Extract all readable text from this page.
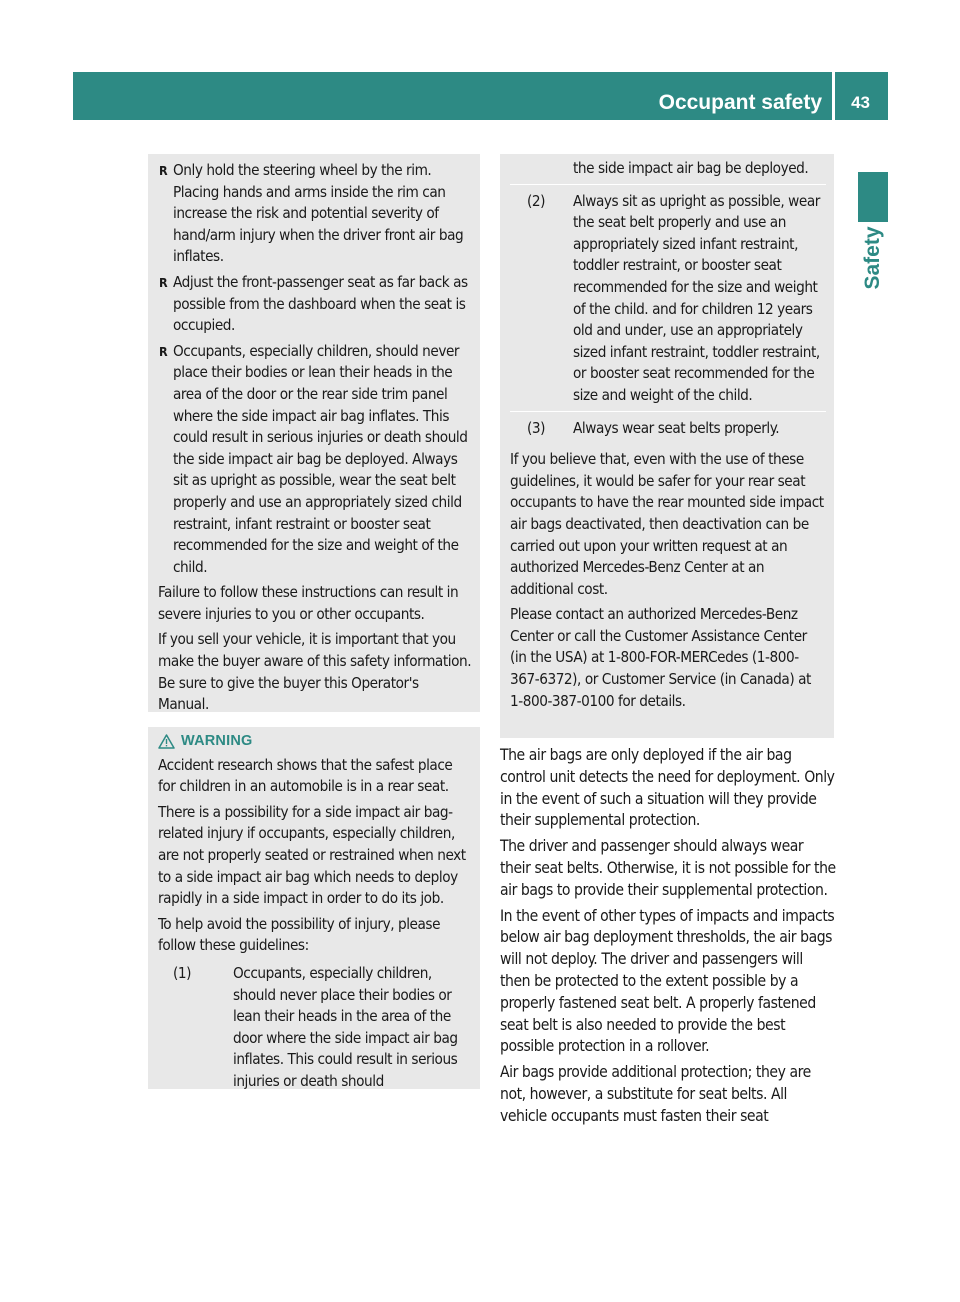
Occupant safety 43
Safety
R Only hold the steering wheel by the rim. Placing hands and arms inside the rim can increase the risk and potential severity of hand/arm injury when the driver front air bag inflates.
R Adjust the front-passenger seat as far back as possible from the dashboard when the seat is occupied.
R Occupants, especially children, should never place their bodies or lean their heads in the area of the door or the rear side trim panel where the side impact air bag inflates. This could result in serious injuries or death should the side impact air bag be deployed. Always sit as upright as possible, wear the seat belt properly and use an appropriately sized child restraint, infant restraint or booster seat recommended for the size and weight of the child.

Failure to follow these instructions can result in severe injuries to you or other occupants.

If you sell your vehicle, it is important that you make the buyer aware of this safety information. Be sure to give the buyer this Operator's Manual.

WARNING

Accident research shows that the safest place for children in an automobile is in a rear seat.

There is a possibility for a side impact air bag-related injury if occupants, especially children, are not properly seated or restrained when next to a side impact air bag which needs to deploy rapidly in a side impact in order to do its job.

To help avoid the possibility of injury, please follow these guidelines:

(1)	Occupants, especially children, should never place their bodies or lean their heads in the area of the door where the side impact air bag inflates. This could result in serious injuries or death should
the side impact air bag be deployed.
(2)	Always sit as upright as possible, wear the seat belt properly and use an appropriately sized infant restraint, toddler restraint, or booster seat recommended for the size and weight of the child. and for children 12 years old and under, use an appropriately sized infant restraint, toddler restraint, or booster seat recommended for the size and weight of the child.
(3)	Always wear seat belts properly.

If you believe that, even with the use of these guidelines, it would be safer for your rear seat occupants to have the rear mounted side impact air bags deactivated, then deactivation can be carried out upon your written request at an authorized Mercedes-Benz Center at an additional cost.

Please contact an authorized Mercedes-Benz Center or call the Customer Assistance Center (in the USA) at 1-800-FOR-MERCedes (1-800-367-6372), or Customer Service (in Canada) at 1-800-387-0100 for details.

The air bags are only deployed if the air bag control unit detects the need for deployment. Only in the event of such a situation will they provide their supplemental protection.

The driver and passenger should always wear their seat belts. Otherwise, it is not possible for the air bags to provide their supplemental protection.

In the event of other types of impacts and impacts below air bag deployment thresholds, the air bags will not deploy. The driver and passengers will then be protected to the extent possible by a properly fastened seat belt. A properly fastened seat belt is also needed to provide the best possible protection in a rollover.

Air bags provide additional protection; they are not, however, a substitute for seat belts. All vehicle occupants must fasten their seat
